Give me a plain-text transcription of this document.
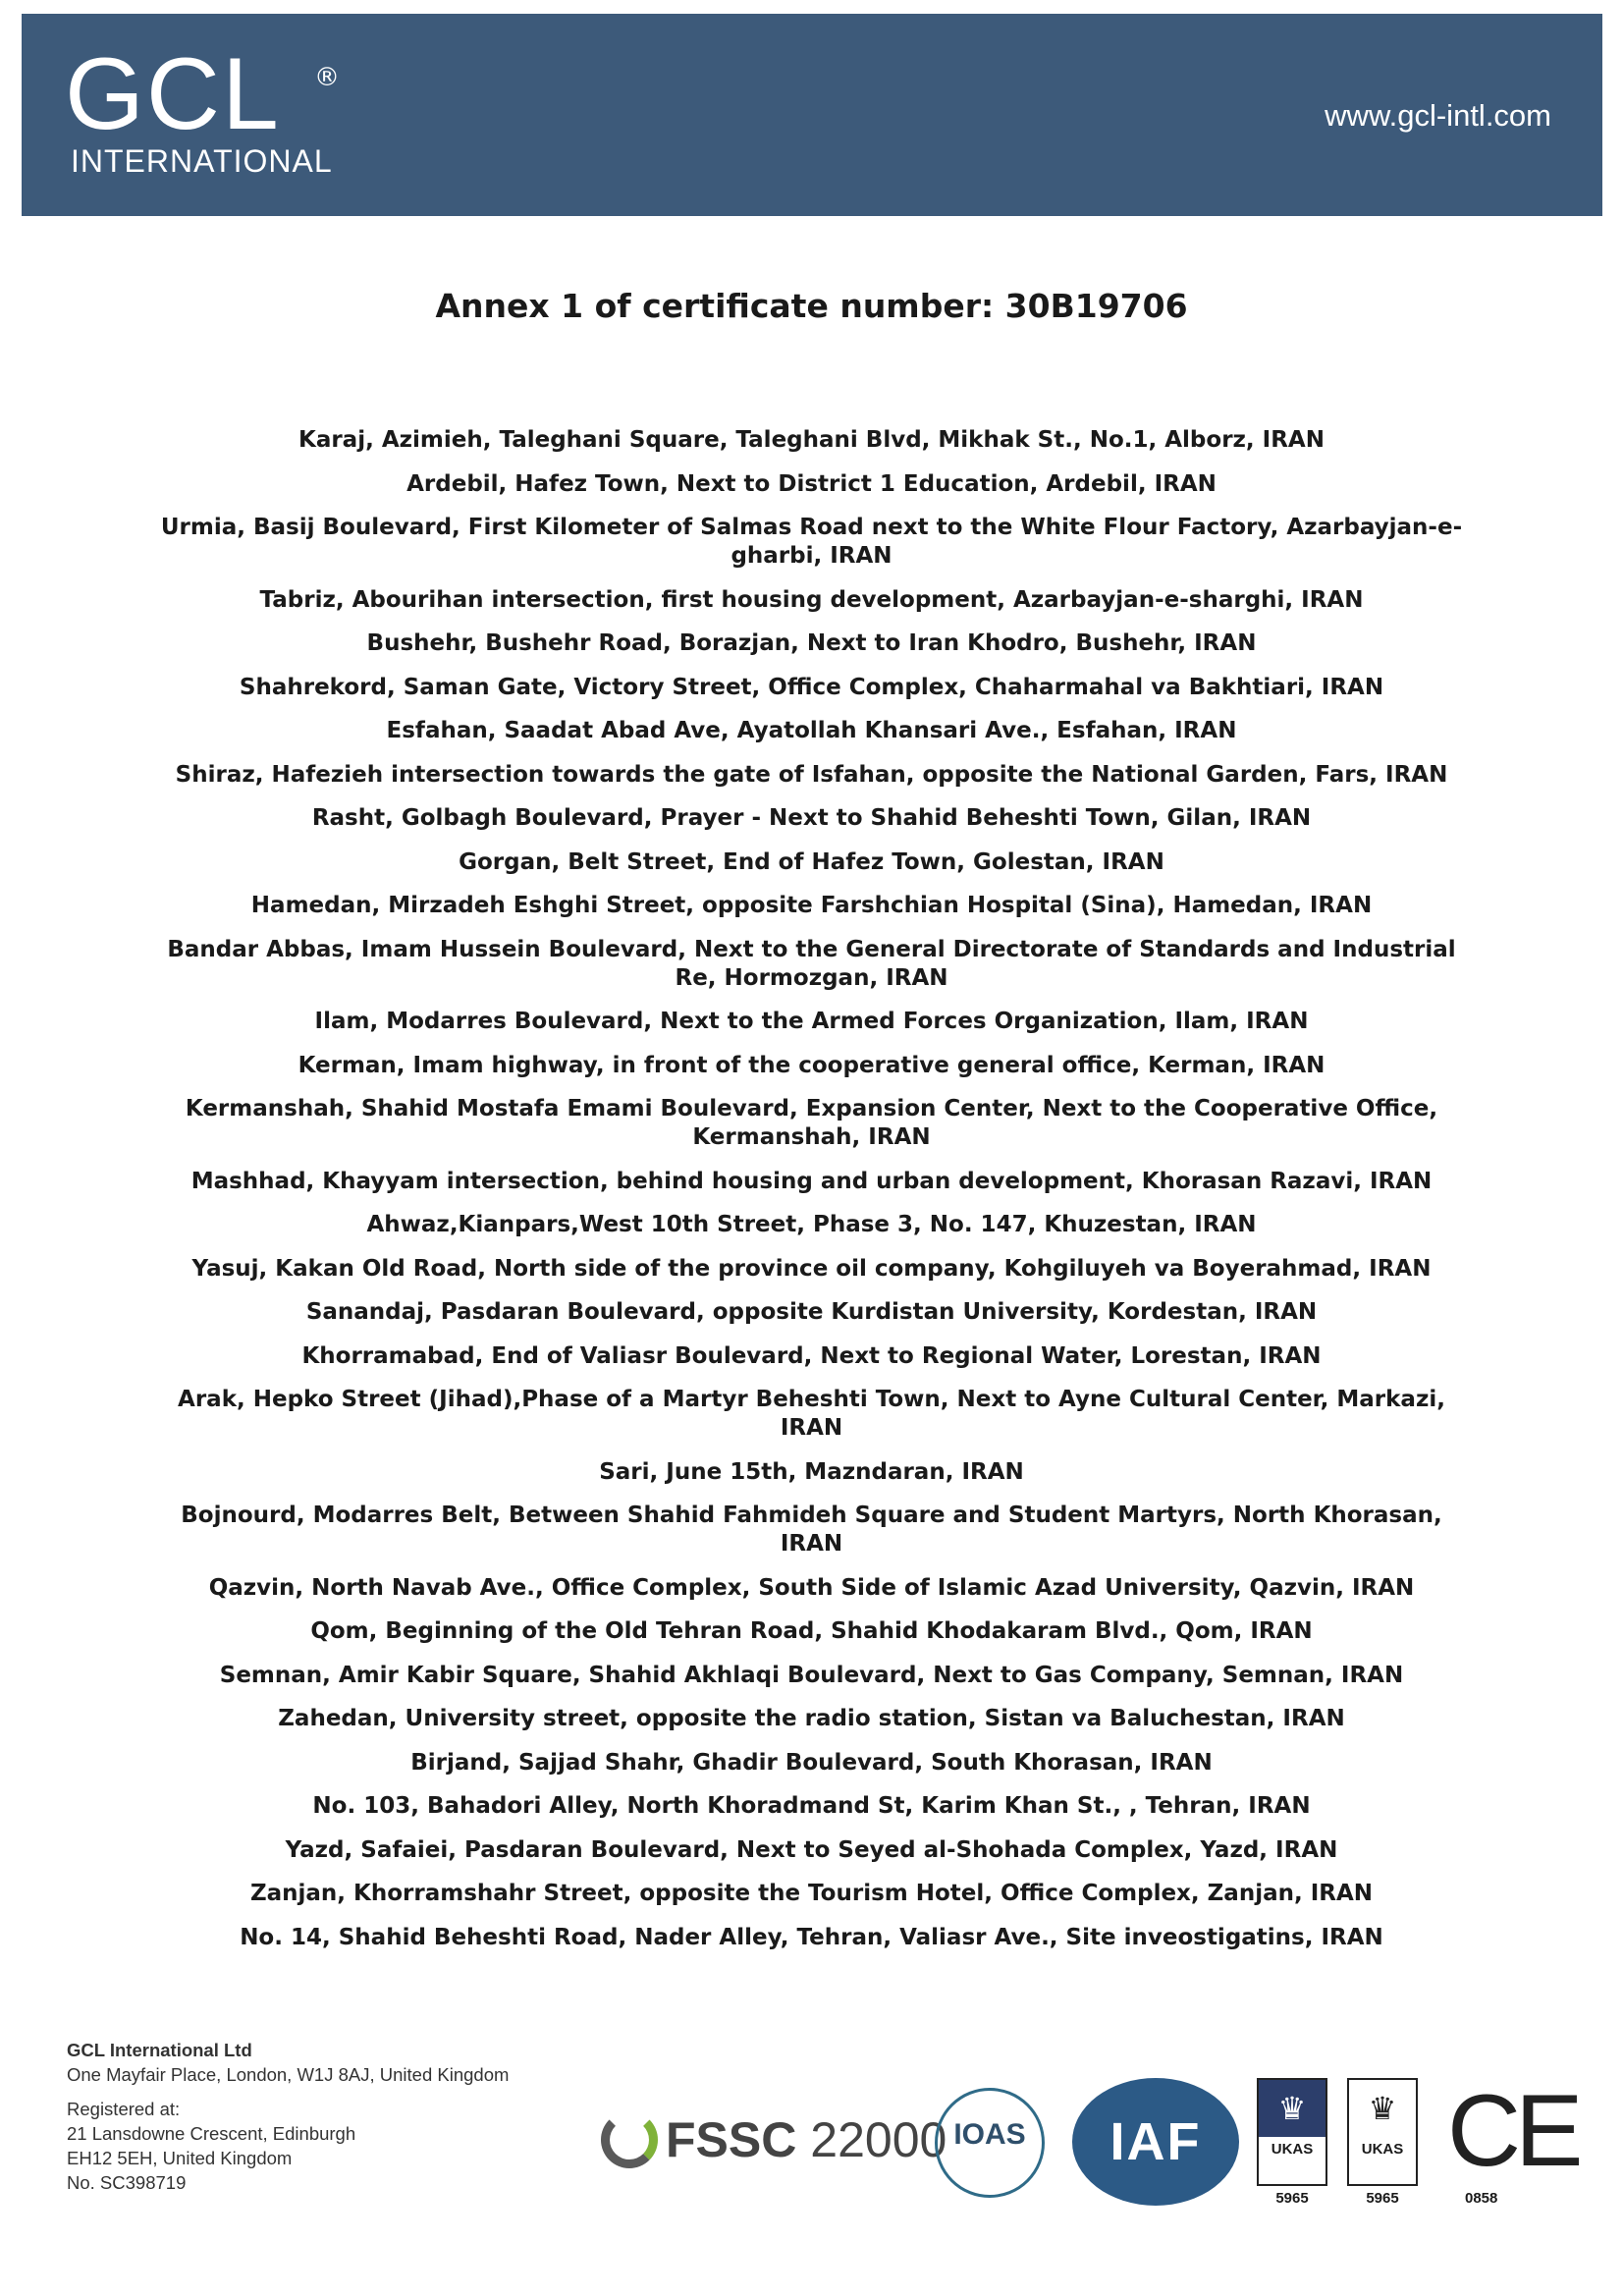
GCL	®
INTERNATIONAL
www.gcl-intl.com
Annex 1 of certificate number: 30B19706
Karaj, Azimieh, Taleghani Square, Taleghani Blvd, Mikhak St., No.1, Alborz, IRAN
Ardebil, Hafez Town, Next to District 1 Education, Ardebil, IRAN
Urmia, Basij Boulevard, First Kilometer of Salmas Road next to the White Flour Factory, Azarbayjan-e-gharbi, IRAN
Tabriz, Abourihan intersection, first housing development, Azarbayjan-e-sharghi, IRAN
Bushehr, Bushehr Road, Borazjan, Next to Iran Khodro, Bushehr, IRAN
Shahrekord, Saman Gate, Victory Street, Office Complex, Chaharmahal va Bakhtiari, IRAN
Esfahan, Saadat Abad Ave, Ayatollah Khansari Ave., Esfahan, IRAN
Shiraz, Hafezieh intersection towards the gate of Isfahan, opposite the National Garden, Fars, IRAN
Rasht, Golbagh Boulevard, Prayer - Next to Shahid Beheshti Town, Gilan, IRAN
Gorgan, Belt Street, End of Hafez Town, Golestan, IRAN
Hamedan, Mirzadeh Eshghi Street, opposite Farshchian Hospital (Sina), Hamedan, IRAN
Bandar Abbas, Imam Hussein Boulevard, Next to the General Directorate of Standards and Industrial Re, Hormozgan, IRAN
Ilam, Modarres Boulevard, Next to the Armed Forces Organization, Ilam, IRAN
Kerman, Imam highway, in front of the cooperative general office, Kerman, IRAN
Kermanshah, Shahid Mostafa Emami Boulevard, Expansion Center, Next to the Cooperative Office, Kermanshah, IRAN
Mashhad, Khayyam intersection, behind housing and urban development, Khorasan Razavi, IRAN
Ahwaz,Kianpars,West 10th Street, Phase 3, No. 147, Khuzestan, IRAN
Yasuj, Kakan Old Road, North side of the province oil company, Kohgiluyeh va Boyerahmad, IRAN
Sanandaj, Pasdaran Boulevard, opposite Kurdistan University, Kordestan, IRAN
Khorramabad, End of Valiasr Boulevard, Next to Regional Water, Lorestan, IRAN
Arak, Hepko Street (Jihad),Phase of a Martyr Beheshti Town, Next to Ayne Cultural Center, Markazi, IRAN
Sari, June 15th, Mazndaran, IRAN
Bojnourd, Modarres Belt, Between Shahid Fahmideh Square and Student Martyrs, North Khorasan, IRAN
Qazvin, North Navab Ave., Office Complex, South Side of Islamic Azad University, Qazvin, IRAN
Qom, Beginning of the Old Tehran Road, Shahid Khodakaram Blvd., Qom, IRAN
Semnan, Amir Kabir Square, Shahid Akhlaqi Boulevard, Next to Gas Company, Semnan, IRAN
Zahedan, University street, opposite the radio station, Sistan va Baluchestan, IRAN
Birjand, Sajjad Shahr, Ghadir Boulevard, South Khorasan, IRAN
No. 103, Bahadori Alley, North Khoradmand St, Karim Khan St., , Tehran, IRAN
Yazd, Safaiei, Pasdaran Boulevard, Next to Seyed al-Shohada Complex, Yazd, IRAN
Zanjan, Khorramshahr Street, opposite the Tourism Hotel, Office Complex, Zanjan, IRAN
No. 14, Shahid Beheshti Road, Nader Alley, Tehran, Valiasr Ave., Site inveostigatins, IRAN
GCL International Ltd
One Mayfair Place, London, W1J 8AJ, United Kingdom
Registered at:
21 Lansdowne Crescent, Edinburgh
EH12 5EH, United Kingdom
No. SC398719
FSSC 22000 IOAS	IAF
♛
UKAS
5965
♛
UKAS
5965
CE
0858
